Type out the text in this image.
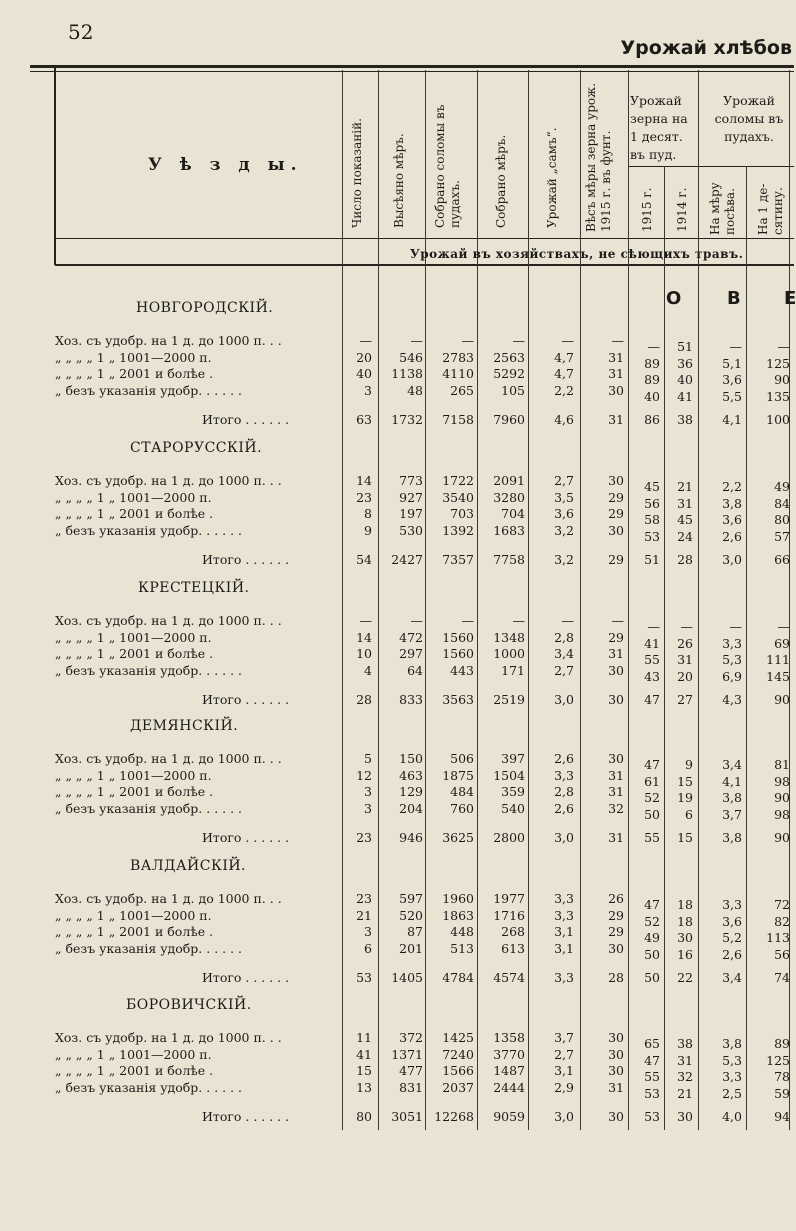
52
Урожай хлѣбов
У ѣ з д ы.	Число показаній. Высѣяно мѣръ. Собрано соломы въ пудахъ.	Собрано мѣръ.	Урожай „самъ“. Вѣсъ мѣры зерна урож. 1915 г. въ фунт.
Урожай зерна на 1 десят. въ пуд.
1915 г. 1914 г.
Урожай соломы въ пудахъ.
На мѣру посѣва. На 1 де- сятину.
Урожай въ хозяйствахъ, не сѣющихъ травъ.
О	В Е
НОВГОРОДСКІЙ.
Хоз. съ удобр. на 1 д. до 1000 п. . .	—	—	—	—	—	—	—	51	—	—
„ „ „ „ 1 „ 1001—2000 п.	20	546	2783	2563	4,7	31	89	36	5,1	125
„ „ „ „ 1 „ 2001 и болѣе .	40	1138	4110	5292	4,7	31	89	40	3,6	90
„ безъ указанія удобр. . . . . .	3	48	265	105	2,2	30	40	41	5,5	135
Итого . . . . . .	63	1732	7158	7960	4,6	31	86	38	4,1	100
СТАРОРУССКІЙ.
Хоз. съ удобр. на 1 д. до 1000 п. . .	14	773	1722	2091	2,7	30	45	21	2,2	49
„ „ „ „ 1 „ 1001—2000 п.	23	927	3540	3280	3,5	29	56	31	3,8	84
„ „ „ „ 1 „ 2001 и болѣе .	8	197	703	704	3,6	29	58	45	3,6	80
„ безъ указанія удобр. . . . . .	9	530	1392	1683	3,2	30	53	24	2,6	57
Итого . . . . . .	54	2427	7357	7758	3,2	29	51	28	3,0	66
КРЕСТЕЦКІЙ.
Хоз. съ удобр. на 1 д. до 1000 п. . .	—	—	—	—	—	—	—	—	—	—
„ „ „ „ 1 „ 1001—2000 п.	14	472	1560	1348	2,8	29	41	26	3,3	69
„ „ „ „ 1 „ 2001 и болѣе .	10	297	1560	1000	3,4	31	55	31	5,3	111
„ безъ указанія удобр. . . . . .	4	64	443	171	2,7	30	43	20	6,9	145
Итого . . . . . .	28	833	3563	2519	3,0	30	47	27	4,3	90
ДЕМЯНСКІЙ.
Хоз. съ удобр. на 1 д. до 1000 п. . .	5	150	506	397	2,6	30	47	9	3,4	81
„ „ „ „ 1 „ 1001—2000 п.	12	463	1875	1504	3,3	31	61	15	4,1	98
„ „ „ „ 1 „ 2001 и болѣе .	3	129	484	359	2,8	31	52	19	3,8	90
„ безъ указанія удобр. . . . . .	3	204	760	540	2,6	32	50	6	3,7	98
Итого . . . . . .	23	946	3625	2800	3,0	31	55	15	3,8	90
ВАЛДАЙСКІЙ.
Хоз. съ удобр. на 1 д. до 1000 п. . .	23	597	1960	1977	3,3	26	47	18	3,3	72
„ „ „ „ 1 „ 1001—2000 п.	21	520	1863	1716	3,3	29	52	18	3,6	82
„ „ „ „ 1 „ 2001 и болѣе .	3	87	448	268	3,1	29	49	30	5,2	113
„ безъ указанія удобр. . . . . .	6	201	513	613	3,1	30	50	16	2,6	56
Итого . . . . . .	53	1405	4784	4574	3,3	28	50	22	3,4	74
БОРОВИЧСКІЙ.
Хоз. съ удобр. на 1 д. до 1000 п. . .	11	372	1425	1358	3,7	30	65	38	3,8	89
„ „ „ „ 1 „ 1001—2000 п.	41	1371	7240	3770	2,7	30	47	31	5,3	125
„ „ „ „ 1 „ 2001 и болѣе .	15	477	1566	1487	3,1	30	55	32	3,3	78
„ безъ указанія удобр. . . . . .	13	831	2037	2444	2,9	31	53	21	2,5	59
Итого . . . . . .	80	3051 12268	9059	3,0	30	53	30	4,0	94
